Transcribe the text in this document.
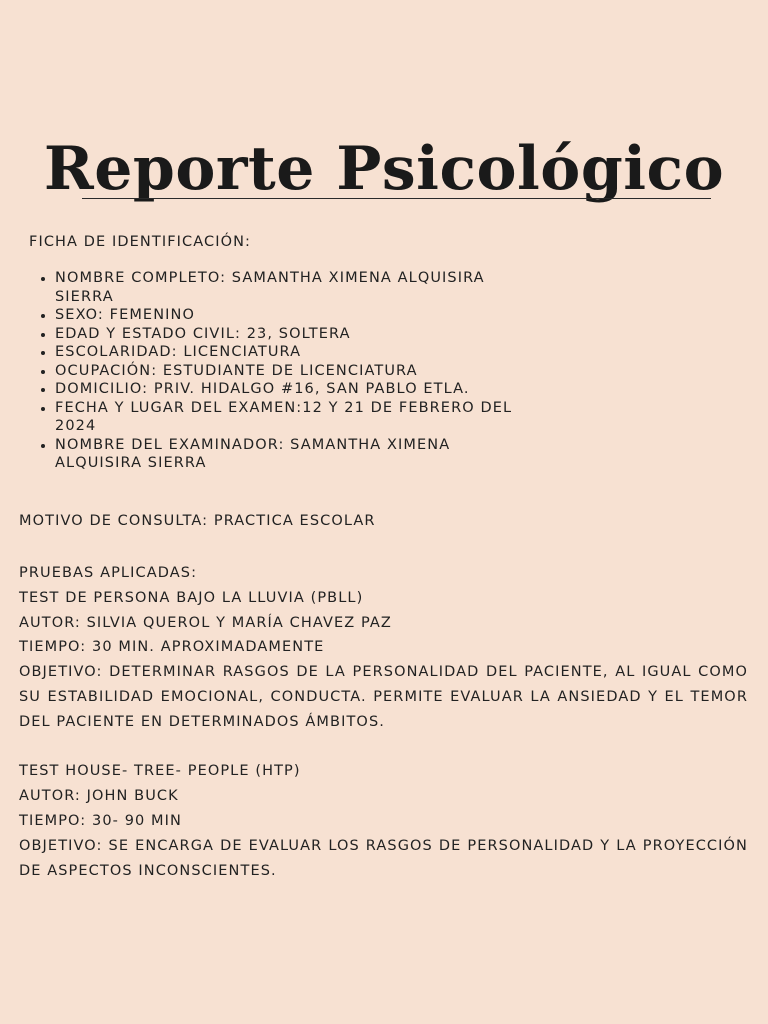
Reporte Psicológico
FICHA DE IDENTIFICACIÓN:
• NOMBRE COMPLETO: SAMANTHA XIMENA ALQUISIRA SIERRA
• SEXO: FEMENINO
• EDAD Y ESTADO CIVIL: 23, SOLTERA
• ESCOLARIDAD: LICENCIATURA
• OCUPACIÓN: ESTUDIANTE DE LICENCIATURA
• DOMICILIO: PRIV. HIDALGO #16, SAN PABLO ETLA.
• FECHA Y LUGAR DEL EXAMEN:12 Y 21 DE FEBRERO DEL 2024
• NOMBRE DEL EXAMINADOR: SAMANTHA XIMENA ALQUISIRA SIERRA
MOTIVO DE CONSULTA: PRACTICA ESCOLAR

PRUEBAS APLICADAS:

TEST DE PERSONA BAJO LA LLUVIA (PBLL)

AUTOR: SILVIA QUEROL Y MARÍA CHAVEZ PAZ

TIEMPO: 30 MIN. APROXIMADAMENTE

OBJETIVO: DETERMINAR RASGOS DE LA PERSONALIDAD DEL PACIENTE, AL IGUAL COMO SU ESTABILIDAD EMOCIONAL, CONDUCTA. PERMITE EVALUAR LA ANSIEDAD Y EL TEMOR DEL PACIENTE EN DETERMINADOS ÁMBITOS.

TEST HOUSE- TREE- PEOPLE (HTP)

AUTOR: JOHN BUCK

TIEMPO: 30- 90 MIN

OBJETIVO: SE ENCARGA DE EVALUAR LOS RASGOS DE PERSONALIDAD Y LA PROYECCIÓN DE ASPECTOS INCONSCIENTES.
